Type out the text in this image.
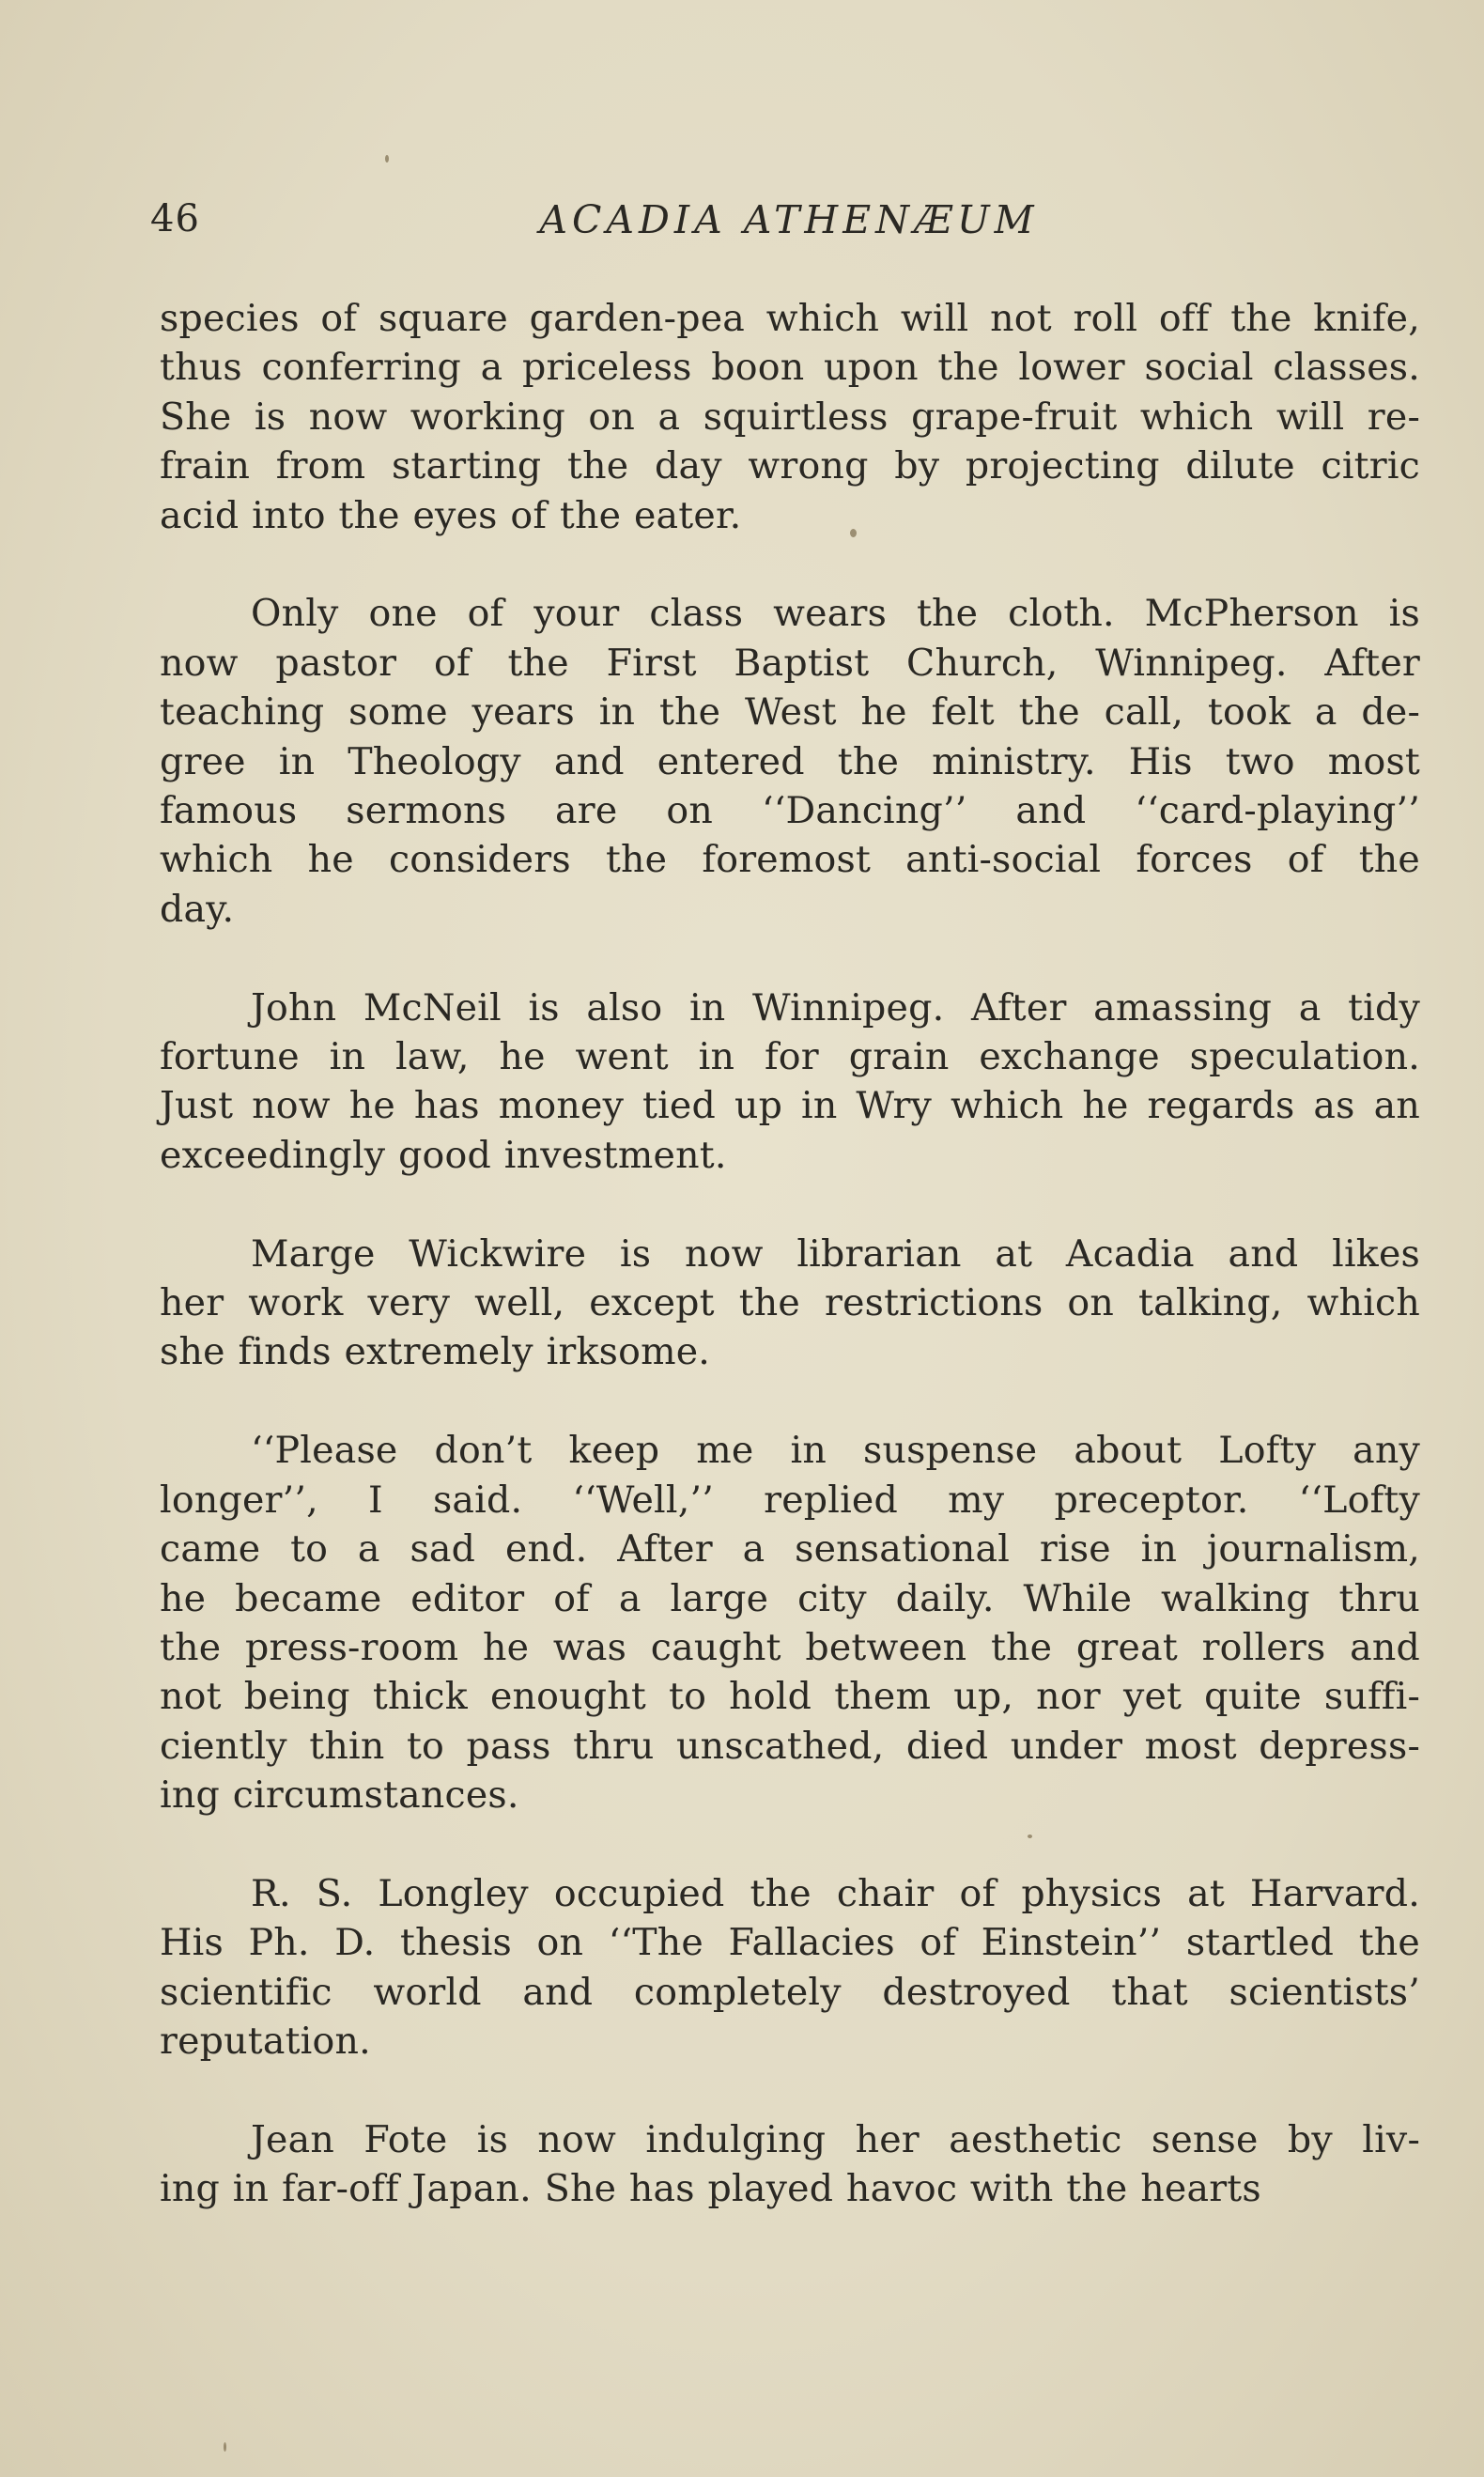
46	ACADIA ATHENÆUM

species of square garden-pea which will not roll off the knife,
thus conferring a priceless boon upon the lower social classes.
She is now working on a squirtless grape-fruit which will re-
frain from starting the day wrong by projecting dilute citric
acid into the eyes of the eater.

Only one of your class wears the cloth. McPherson is
now pastor of the First Baptist Church, Winnipeg. After
teaching some years in the West he felt the call, took a de-
gree in Theology and entered the ministry. His two most
famous sermons are on ‘‘Dancing’’ and ‘‘card-playing’’
which he considers the foremost anti-social forces of the
day.

John McNeil is also in Winnipeg. After amassing a tidy
fortune in law, he went in for grain exchange speculation.
Just now he has money tied up in Wry which he regards as an
exceedingly good investment.

Marge Wickwire is now librarian at Acadia and likes
her work very well, except the restrictions on talking, which
she finds extremely irksome.

‘‘Please don’t keep me in suspense about Lofty any
longer’’, I said. ‘‘Well,’’ replied my preceptor. ‘‘Lofty
came to a sad end. After a sensational rise in journalism,
he became editor of a large city daily. While walking thru
the press-room he was caught between the great rollers and
not being thick enought to hold them up, nor yet quite suffi-
ciently thin to pass thru unscathed, died under most depress-
ing circumstances.

R. S. Longley occupied the chair of physics at Harvard.
His Ph. D. thesis on ‘‘The Fallacies of Einstein’’ startled the
scientific world and completely destroyed that scientists’
reputation.

Jean Fote is now indulging her aesthetic sense by liv-
ing in far-off Japan. She has played havoc with the hearts
